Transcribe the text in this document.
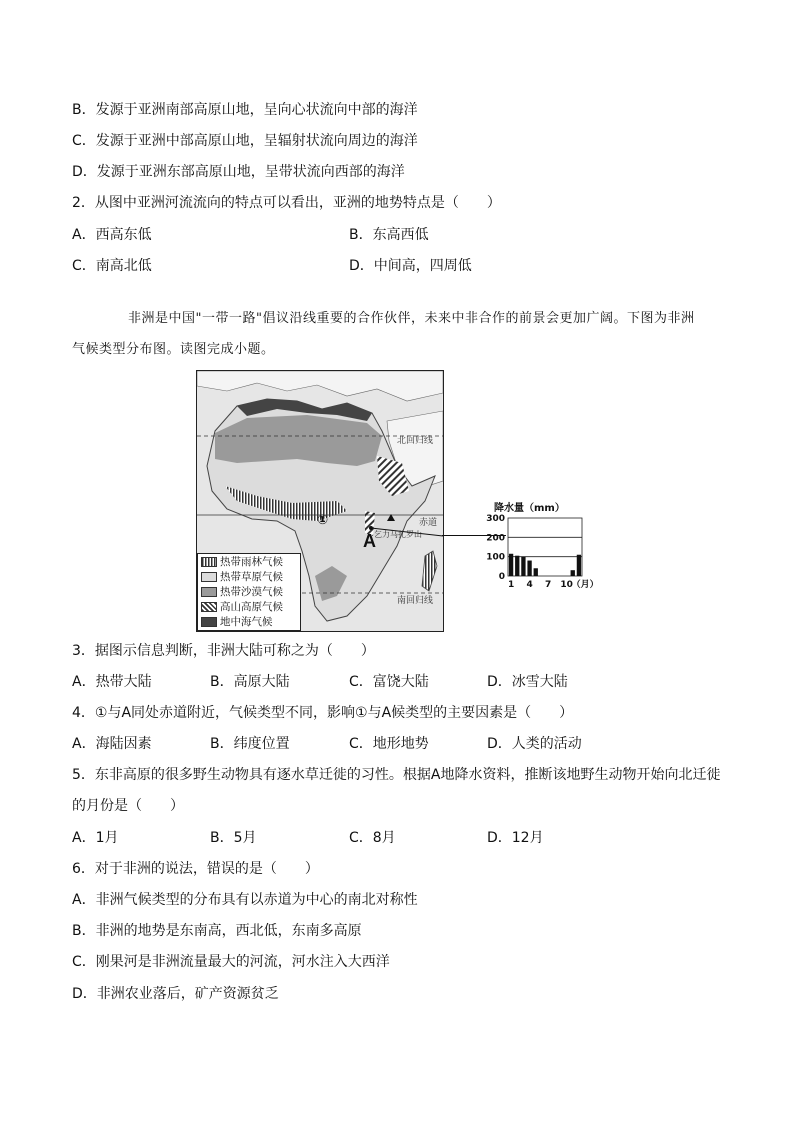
B．发源于亚洲南部高原山地，呈向心状流向中部的海洋
C．发源于亚洲中部高原山地，呈辐射状流向周边的海洋
D．发源于亚洲东部高原山地，呈带状流向西部的海洋
2．从图中亚洲河流流向的特点可以看出，亚洲的地势特点是（　　）
A．西高东低	B．东高西低
C．南高北低	D．中间高，四周低
非洲是中国"一带一路"倡议沿线重要的合作伙伴，未来中非合作的前景会更加广阔。下图为非洲
气候类型分布图。读图完成小题。
北回归线
赤道
南回归线
乞力马扎罗山
①
A
热带雨林气候
热带草原气候
热带沙漠气候
高山高原气候
地中海气候
降水量（mm）
300
200
100
0
1 4 7 10
（月）
3．据图示信息判断，非洲大陆可称之为（　　）
A．热带大陆	B．高原大陆	C．富饶大陆	D．冰雪大陆
4．①与A同处赤道附近，气候类型不同，影响①与A候类型的主要因素是（　　）
A．海陆因素	B．纬度位置	C．地形地势	D．人类的活动
5．东非高原的很多野生动物具有逐水草迁徙的习性。根据A地降水资料，推断该地野生动物开始向北迁徙
的月份是（　　）
A．1月	B．5月	C．8月	D．12月
6．对于非洲的说法，错误的是（　　）
A．非洲气候类型的分布具有以赤道为中心的南北对称性
B．非洲的地势是东南高，西北低，东南多高原
C．刚果河是非洲流量最大的河流，河水注入大西洋
D．非洲农业落后，矿产资源贫乏
